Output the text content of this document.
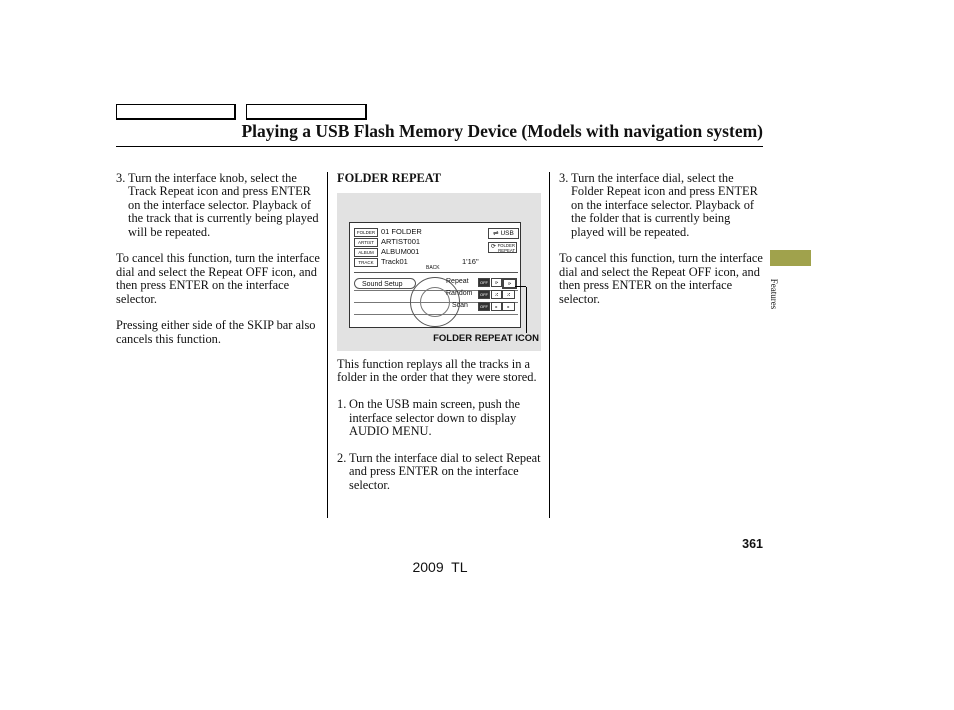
Playing a USB Flash Memory Device (Models with navigation system)

3. Turn the interface knob, select the Track Repeat icon and press ENTER on the interface selector. Playback of the track that is currently being played will be repeated.

To cancel this function, turn the interface dial and select the Repeat OFF icon, and then press ENTER on the interface selector.

Pressing either side of the SKIP bar also cancels this function.

FOLDER REPEAT
FOLDER 01 FOLDER
ARTIST ARTIST001
ALBUM ALBUM001
TRACK Track01
⇌ USB
⟳ FOLDER
REPEAT
1'16"
BACK
Sound Setup	Repeat	OFF	⟳	⟳
Random	OFF	⤮	⤮
Scan	OFF	▸	▸
FOLDER REPEAT ICON

This function replays all the tracks in a folder in the order that they were stored.

1. On the USB main screen, push the interface selector down to display AUDIO MENU.

2. Turn the interface dial to select Repeat and press ENTER on the interface selector.

3. Turn the interface dial, select the Folder Repeat icon and press ENTER on the interface selector. Playback of the folder that is currently being played will be repeated.

To cancel this function, turn the interface dial and select the Repeat OFF icon, and then press ENTER on the interface selector.	Features
361
2009  TL
